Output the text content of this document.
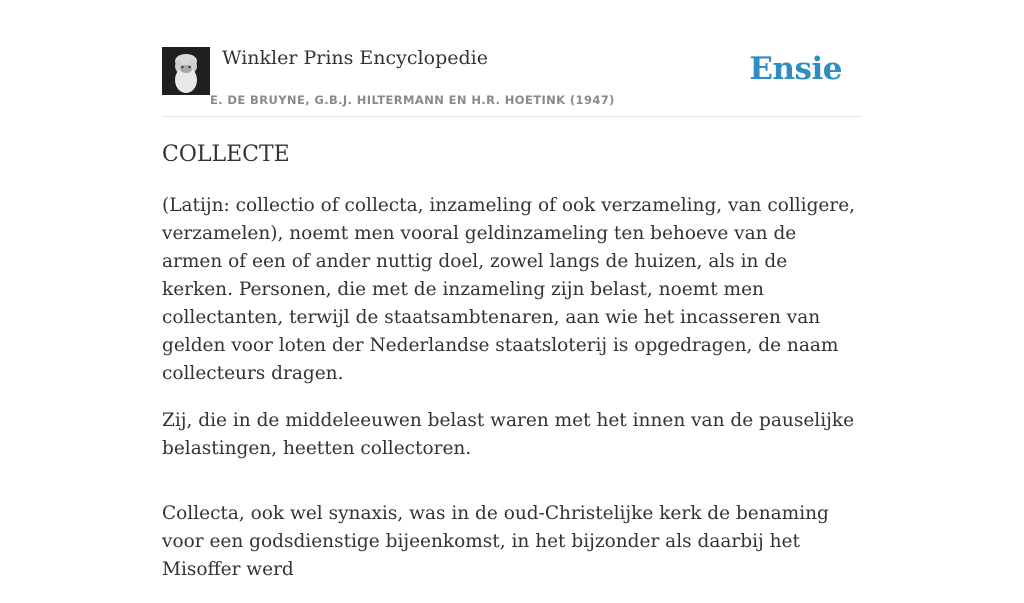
Winkler Prins Encyclopedie
E. DE BRUYNE, G.B.J. HILTERMANN EN H.R. HOETINK (1947)
Ensie
COLLECTE

(Latijn: collectio of collecta, inzameling of ook verzameling, van colligere, verzamelen), noemt men vooral geldinzameling ten behoeve van de armen of een of ander nuttig doel, zowel langs de huizen, als in de kerken. Personen, die met de inzameling zijn belast, noemt men collectanten, terwijl de staatsambtenaren, aan wie het incasseren van gelden voor loten der Nederlandse staatsloterij is opgedragen, de naam collecteurs dragen.

Zij, die in de middeleeuwen belast waren met het innen van de pauselijke belastingen, heetten collectoren.

Collecta, ook wel synaxis, was in de oud-Christelijke kerk de benaming voor een godsdienstige bijeenkomst, in het bijzonder als daarbij het Misoffer werd
